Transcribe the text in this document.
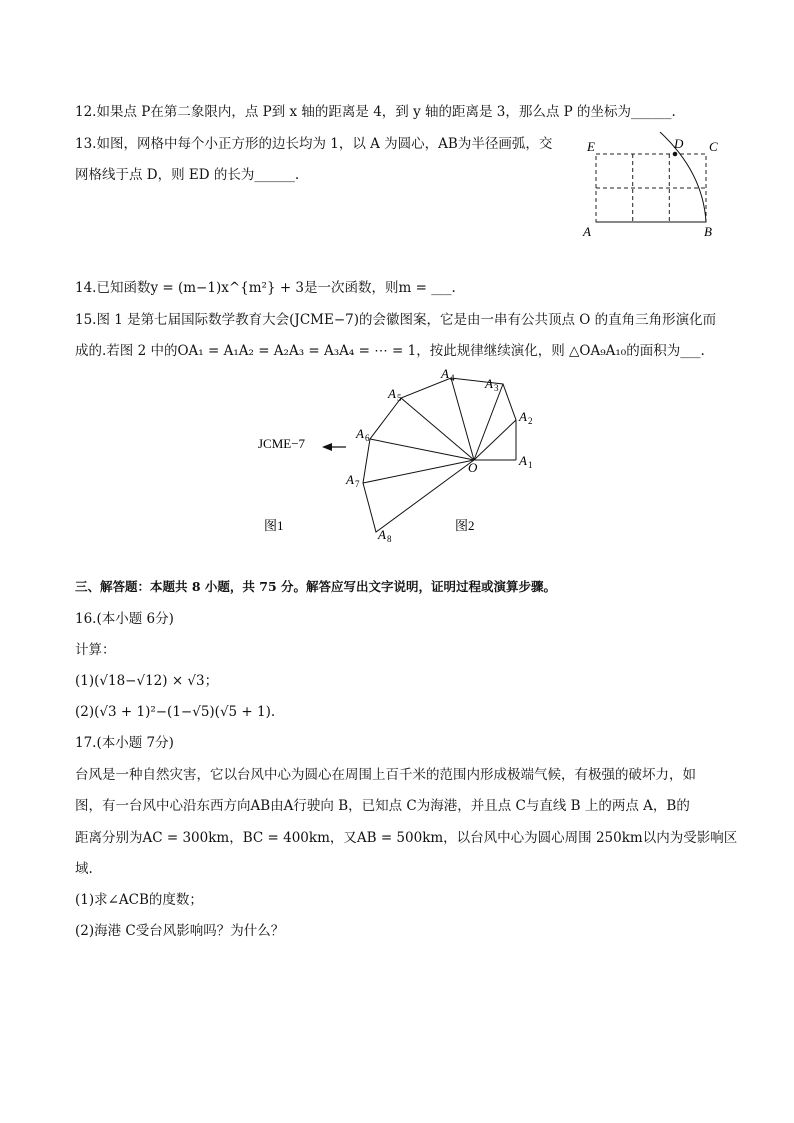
12.如果点 P在第二象限内，点 P到 x 轴的距离是 4，到 y 轴的距离是 3，那么点 P 的坐标为______.
13.如图，网格中每个小正方形的边长均为 1，以 A 为圆心，AB为半径画弧，交
网格线于点 D，则 ED 的长为______.
E	D C
A	B
14.已知函数y = (m−1)x^{m²} + 3是一次函数，则m = ___.
15.图 1 是第七届国际数学教育大会(JCME−7)的会徽图案，它是由一串有公共顶点 O 的直角三角形演化而
成的.若图 2 中的OA₁ = A₁A₂ = A₂A₃ = A₃A₄ = ⋯ = 1，按此规律继续演化，则 △OA₉A₁₀的面积为___.
JCME−7
图1	图2
O	$A_1$
$A_2$
$A_3$
$A_4$
$A_5$
$A_6$
$A_7$
$A_8$
三、解答题：本题共 8 小题，共 75 分。解答应写出文字说明，证明过程或演算步骤。
16.(本小题 6分)
计算：
(1)(√18−√12) × √3；
(2)(√3 + 1)²−(1−√5)(√5 + 1).
17.(本小题 7分)
台风是一种自然灾害，它以台风中心为圆心在周围上百千米的范围内形成极端气候，有极强的破坏力，如
图，有一台风中心沿东西方向AB由A行驶向 B，已知点 C为海港，并且点 C与直线 B 上的两点 A，B的
距离分别为AC = 300km，BC = 400km，又AB = 500km，以台风中心为圆心周围 250km以内为受影响区
域.
(1)求∠ACB的度数；
(2)海港 C受台风影响吗？为什么？
